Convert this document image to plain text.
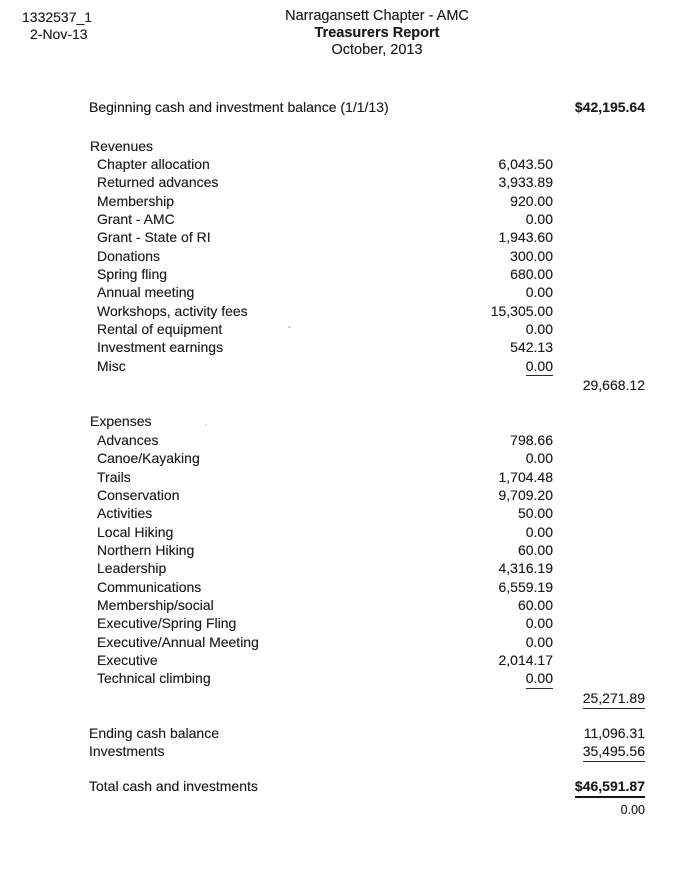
1332537_1
2-Nov-13
Narragansett Chapter - AMC
Treasurers Report
October, 2013
Beginning cash and investment balance (1/1/13)	$42,195.64
Revenues
Chapter allocation	6,043.50
Returned advances	3,933.89
Membership	920.00
Grant - AMC	0.00
Grant - State of RI	1,943.60
Donations	300.00
Spring fling	680.00
Annual meeting	0.00
Workshops, activity fees	15,305.00
Rental of equipment	0.00
Investment earnings	542.13
Misc	0.00
29,668.12
Expenses
Advances	798.66
Canoe/Kayaking	0.00
Trails	1,704.48
Conservation	9,709.20
Activities	50.00
Local Hiking	0.00
Northern Hiking	60.00
Leadership	4,316.19
Communications	6,559.19
Membership/social	60.00
Executive/Spring Fling	0.00
Executive/Annual Meeting	0.00
Executive	2,014.17
Technical climbing	0.00
25,271.89
Ending cash balance	11,096.31
Investments	35,495.56
Total cash and investments	$46,591.87
0.00
